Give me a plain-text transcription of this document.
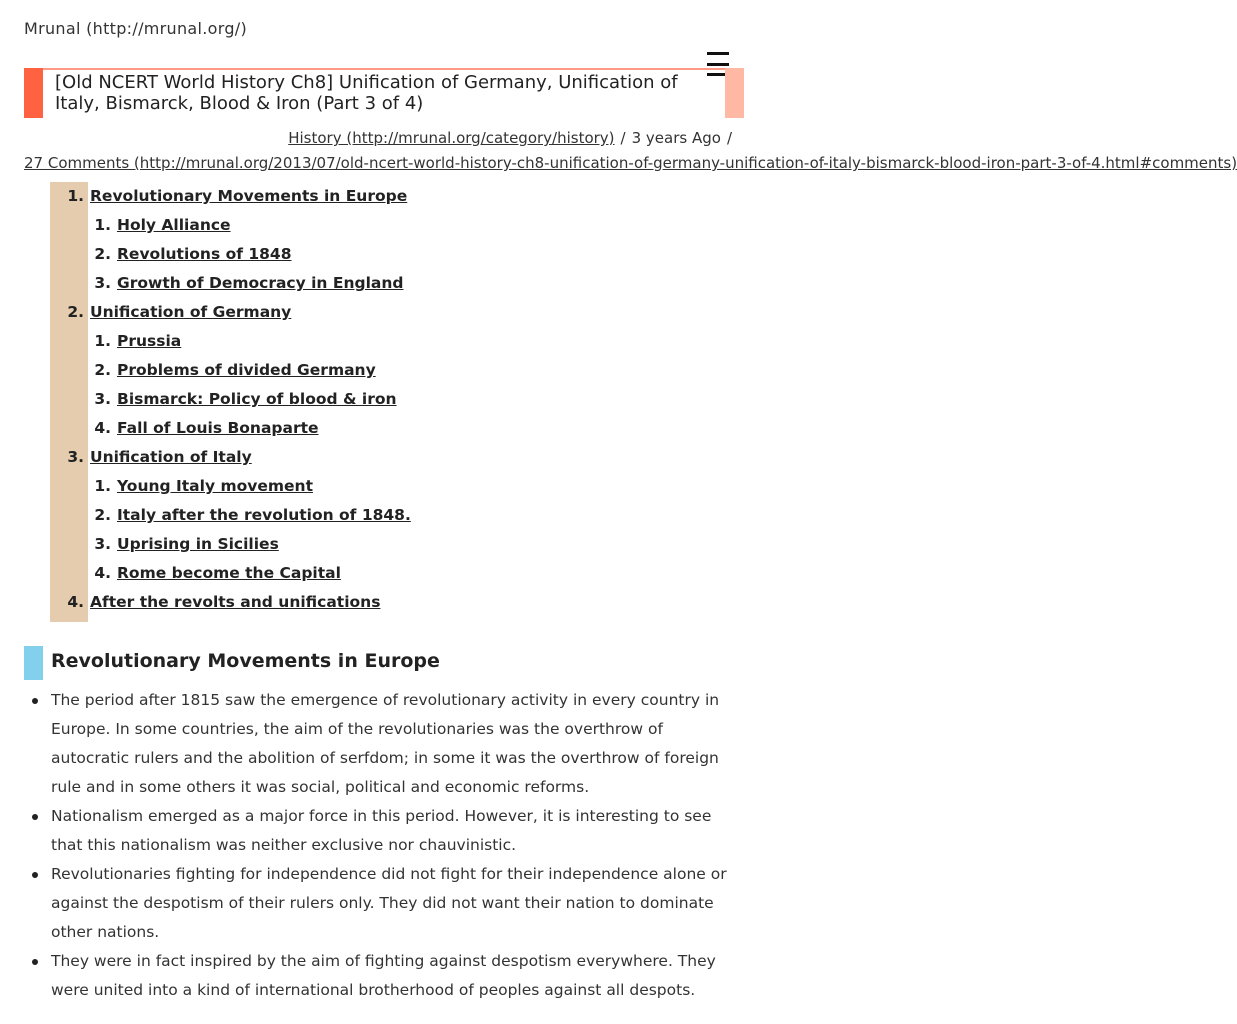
Mrunal (http://mrunal.org/)
[Old NCERT World History Ch8] Unification of Germany, Unification of Italy, Bismarck, Blood & Iron (Part 3 of 4)
History (http://mrunal.org/category/history) / 3 years Ago /
27 Comments (http://mrunal.org/2013/07/old-ncert-world-history-ch8-unification-of-germany-unification-of-italy-bismarck-blood-iron-part-3-of-4.html#comments)
1. Revolutionary Movements in Europe
1. Holy Alliance
2. Revolutions of 1848
3. Growth of Democracy in England
2. Unification of Germany
1. Prussia
2. Problems of divided Germany
3. Bismarck: Policy of blood & iron
4. Fall of Louis Bonaparte
3. Unification of Italy
1. Young Italy movement
2. Italy after the revolution of 1848.
3. Uprising in Sicilies
4. Rome become the Capital
4. After the revolts and unifications
Revolutionary Movements in Europe
The period after 1815 saw the emergence of revolutionary activity in every country in Europe. In some countries, the aim of the revolutionaries was the overthrow of autocratic rulers and the abolition of serfdom; in some it was the overthrow of foreign rule and in some others it was social, political and economic reforms.
Nationalism emerged as a major force in this period. However, it is interesting to see that this nationalism was neither exclusive nor chauvinistic.
Revolutionaries fighting for independence did not fight for their independence alone or against the despotism of their rulers only. They did not want their nation to dominate other nations.
They were in fact inspired by the aim of fighting against despotism everywhere. They were united into a kind of international brotherhood of peoples against all despots.
